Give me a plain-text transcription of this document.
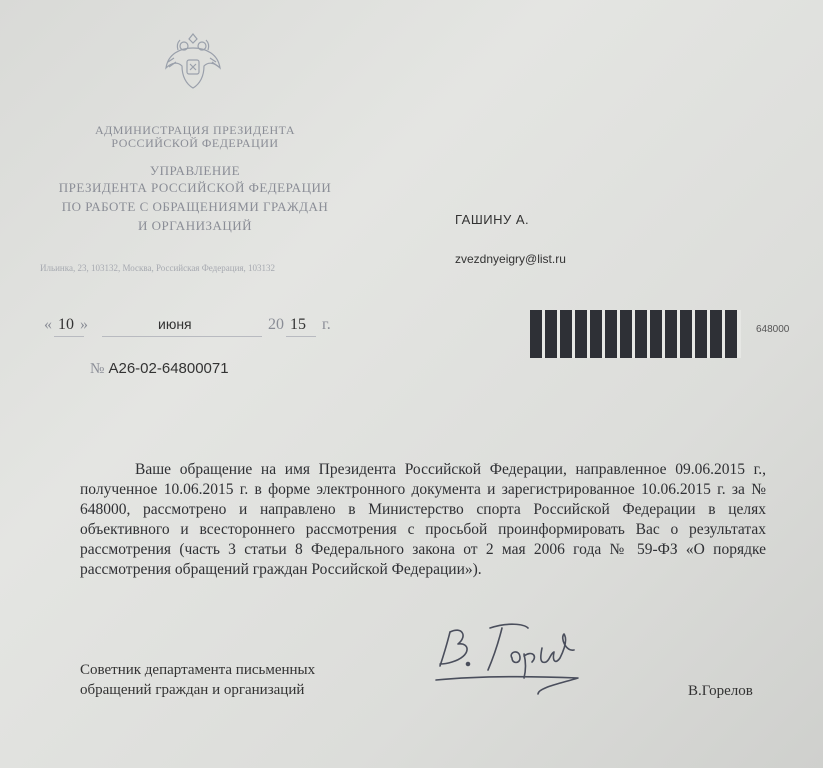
АДМИНИСТРАЦИЯ ПРЕЗИДЕНТА
РОССИЙСКОЙ ФЕДЕРАЦИИ
УПРАВЛЕНИЕ
ПРЕЗИДЕНТА РОССИЙСКОЙ ФЕДЕРАЦИИ
ПО РАБОТЕ С ОБРАЩЕНИЯМИ ГРАЖДАН
И ОРГАНИЗАЦИЙ
Ильинка, 23, 103132, Москва, Российская Федерация, 103132
ГАШИНУ А.
zvezdnyeigry@list.ru
« 10 »	июня	20 15 г.	648000
№ А26-02-64800071
Ваше обращение на имя Президента Российской Федерации, направленное 09.06.2015 г., полученное 10.06.2015 г. в форме электронного документа и зарегистрированное 10.06.2015 г. за № 648000, рассмотрено и направлено в Министерство спорта Российской Федерации в целях объективного и всестороннего рассмотрения с просьбой проинформировать Вас о результатах рассмотрения (часть 3 статьи 8 Федерального закона от 2 мая 2006 года № 59-ФЗ «О порядке рассмотрения обращений граждан Российской Федерации»).
Советник департамента письменных
обращений граждан и организаций	В.Горелов
